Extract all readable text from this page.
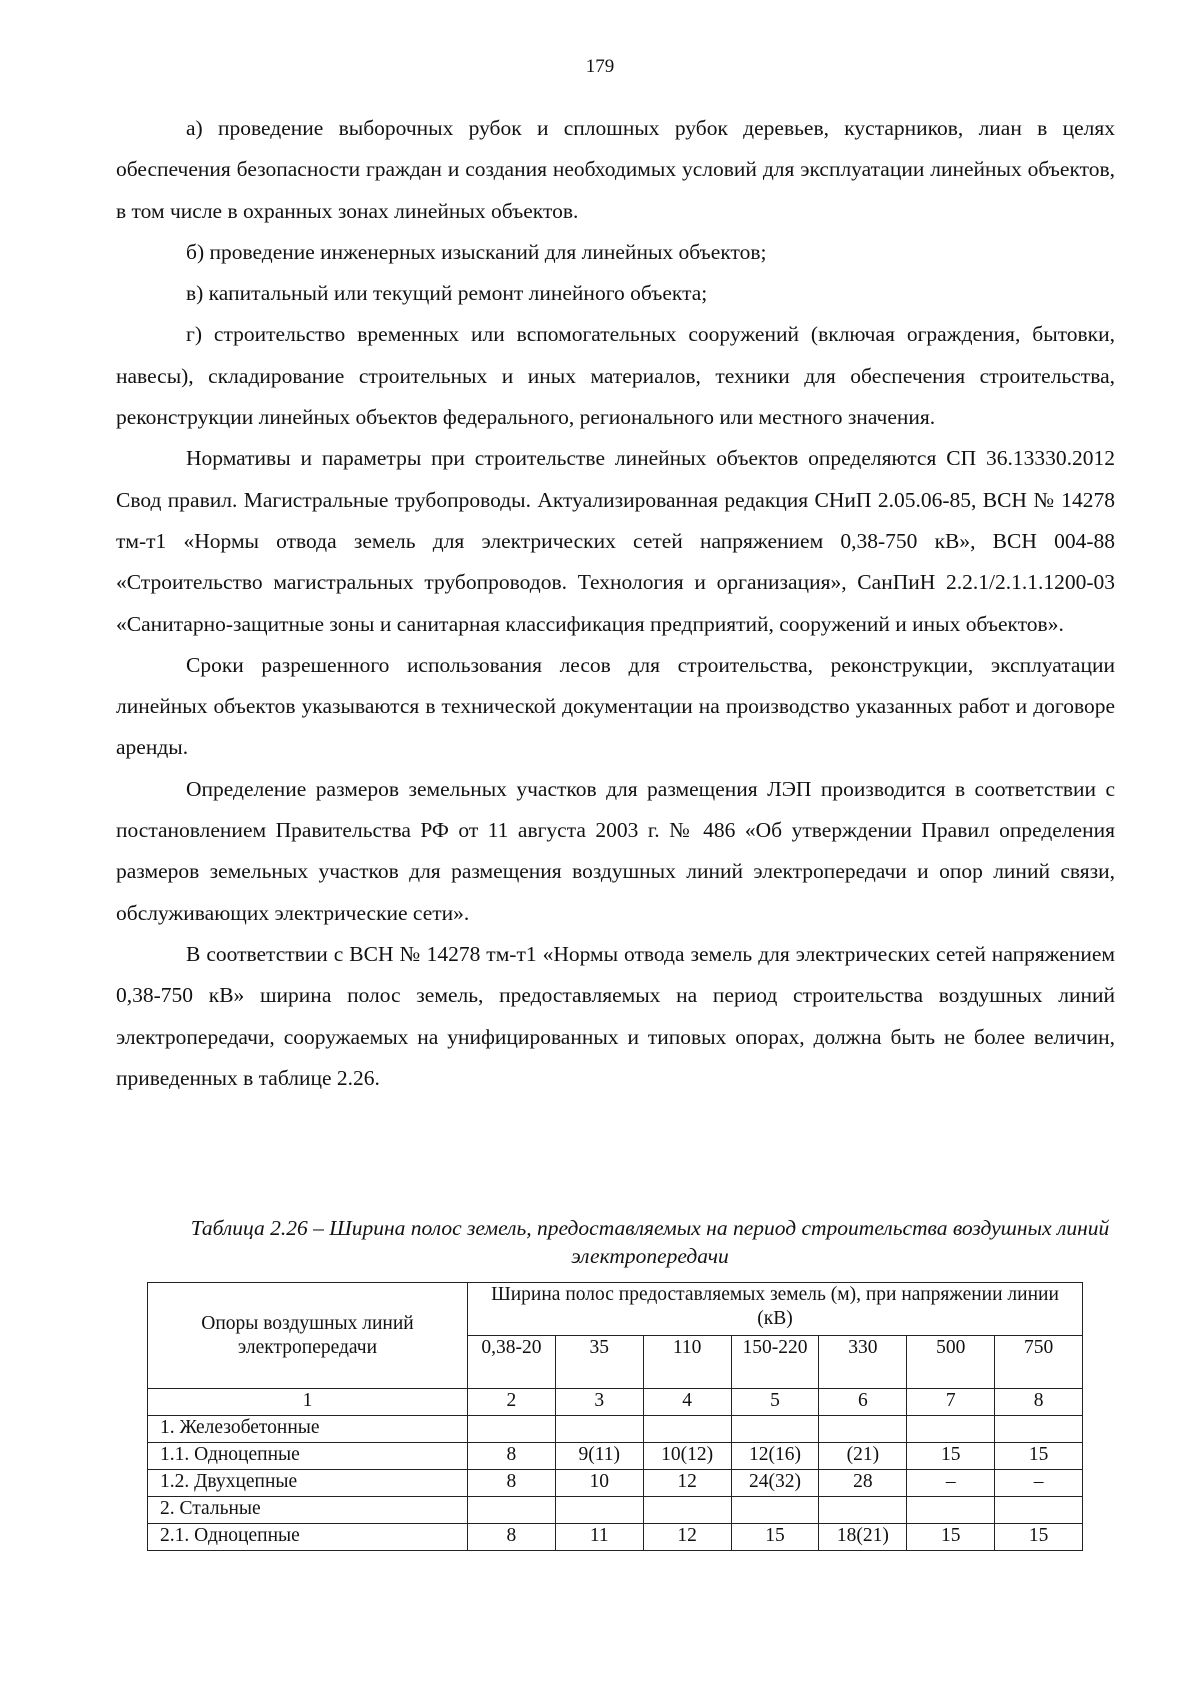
179

а) проведение выборочных рубок и сплошных рубок деревьев, кустарников, лиан в целях обеспечения безопасности граждан и создания необходимых условий для эксплуатации линейных объектов, в том числе в охранных зонах линейных объектов.

б) проведение инженерных изысканий для линейных объектов;

в) капитальный или текущий ремонт линейного объекта;

г) строительство временных или вспомогательных сооружений (включая ограждения, бытовки, навесы), складирование строительных и иных материалов, техники для обеспечения строительства, реконструкции линейных объектов федерального, регионального или местного значения.

Нормативы и параметры при строительстве линейных объектов определяются СП 36.13330.2012 Свод правил. Магистральные трубопроводы. Актуализированная редакция СНиП 2.05.06-85, ВСН № 14278 тм-т1 «Нормы отвода земель для электрических сетей напряжением 0,38-750 кВ», ВСН 004-88 «Строительство магистральных трубопроводов. Технология и организация», СанПиН 2.2.1/2.1.1.1200-03 «Санитарно-защитные зоны и санитарная классификация предприятий, сооружений и иных объектов».

Сроки разрешенного использования лесов для строительства, реконструкции, эксплуатации линейных объектов указываются в технической документации на производство указанных работ и договоре аренды.

Определение размеров земельных участков для размещения ЛЭП производится в соответствии с постановлением Правительства РФ от 11 августа 2003 г. № 486 «Об утверждении Правил определения размеров земельных участков для размещения воздушных линий электропередачи и опор линий связи, обслуживающих электрические сети».

В соответствии с ВСН № 14278 тм-т1 «Нормы отвода земель для электрических сетей напряжением 0,38-750 кВ» ширина полос земель, предоставляемых на период строительства воздушных линий электропередачи, сооружаемых на унифицированных и типовых опорах, должна быть не более величин, приведенных в таблице 2.26.

Таблица 2.26 – Ширина полос земель, предоставляемых на период строительства воздушных линий электропередачи
Опоры воздушных линий электропередачи	Ширина полос предоставляемых земель (м), при напряжении линии (кВ)						
	0,38-20	35	110	150-220	330	500	750
1	2	3	4	5	6	7	8
1. Железобетонные							
1.1. Одноцепные	8	9(11)	10(12)	12(16)	(21)	15	15
1.2. Двухцепные	8	10	12	24(32)	28	–	–
2. Стальные							
2.1. Одноцепные	8	11	12	15	18(21)	15	15
